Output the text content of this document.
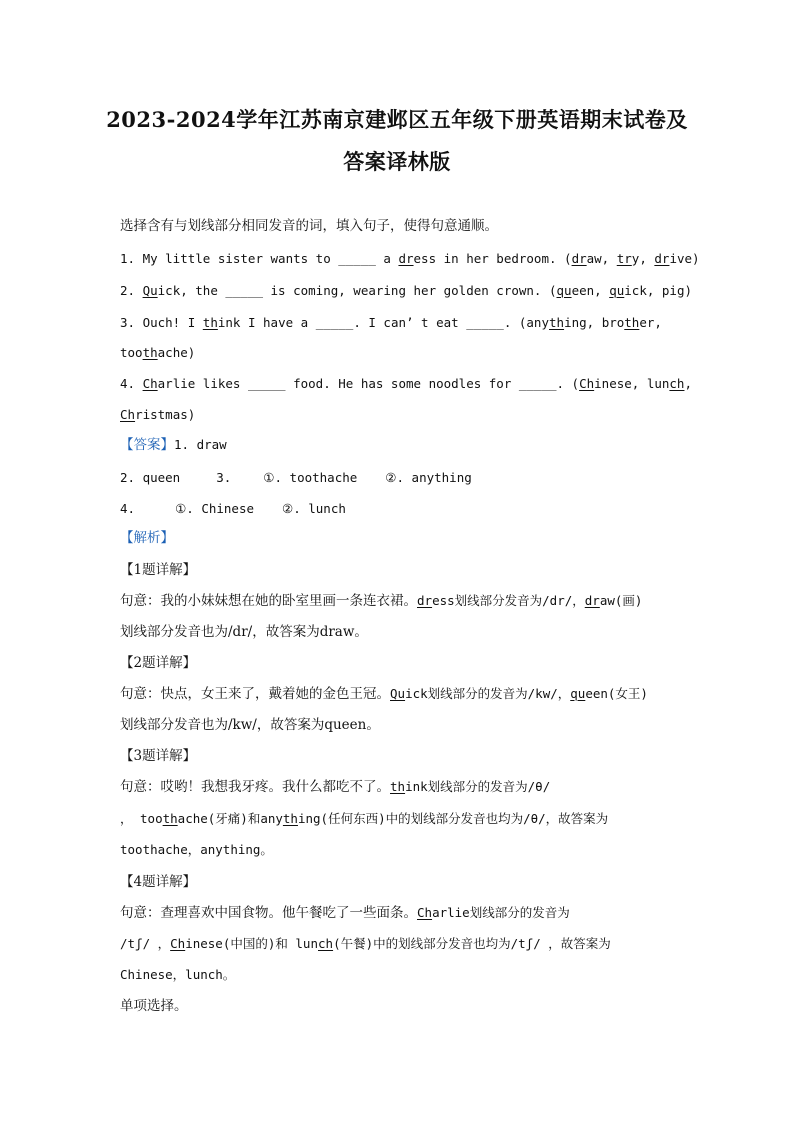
2023-2024学年江苏南京建邺区五年级下册英语期末试卷及
答案译林版
选择含有与划线部分相同发音的词，填入句子，使得句意通顺。
1. My little sister wants to _____ a dress in her bedroom. (draw, try, drive)
2. Quick, the _____ is coming, wearing her golden crown. (queen, quick, pig)
3. Ouch! I think I have a _____. I can’ t eat _____. (anything, brother,
toothache)
4. Charlie likes _____ food. He has some noodles for _____. (Chinese, lunch,
Christmas)
【答案】1. draw
2. queen	3.	①. toothache ②. anything
4.	①. Chinese ②. lunch
【解析】
【1题详解】
句意：我的小妹妹想在她的卧室里画一条连衣裙。dress划线部分发音为/dr/，draw(画)
划线部分发音也为/dr/，故答案为draw。
【2题详解】
句意：快点，女王来了，戴着她的金色王冠。Quick划线部分的发音为/kw/，queen(女王)
划线部分发音也为/kw/，故答案为queen。
【3题详解】
句意：哎哟！我想我牙疼。我什么都吃不了。think划线部分的发音为/θ/
， toothache(牙痛)和anything(任何东西)中的划线部分发音也均为/θ/，故答案为
toothache，anything。
【4题详解】
句意：查理喜欢中国食物。他午餐吃了一些面条。Charlie划线部分的发音为
/tʃ/ ，Chinese(中国的)和 lunch(午餐)中的划线部分发音也均为/tʃ/ ，故答案为
Chinese，lunch。
单项选择。
